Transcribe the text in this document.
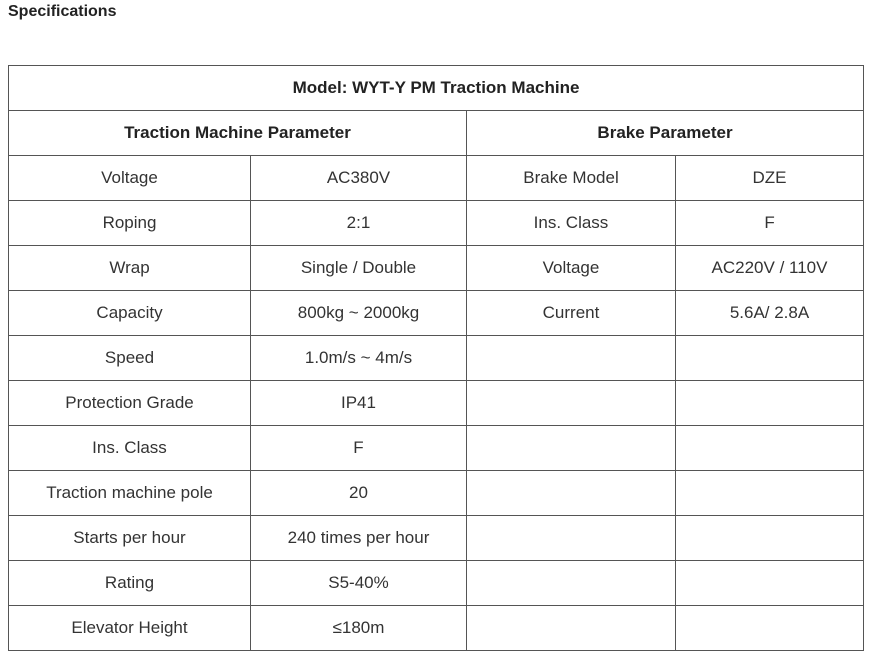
Specifications
Model: WYT-Y PM Traction Machine			
Traction Machine Parameter		Brake Parameter	
Voltage	AC380V	Brake Model	DZE
Roping	2:1	Ins. Class	F
Wrap	Single / Double	Voltage	AC220V / 110V
Capacity	800kg ~ 2000kg	Current	5.6A/ 2.8A
Speed	1.0m/s ~ 4m/s		
Protection Grade	IP41		
Ins. Class	F		
Traction machine pole	20		
Starts per hour	240 times per hour		
Rating	S5-40%		
Elevator Height	≤180m		
